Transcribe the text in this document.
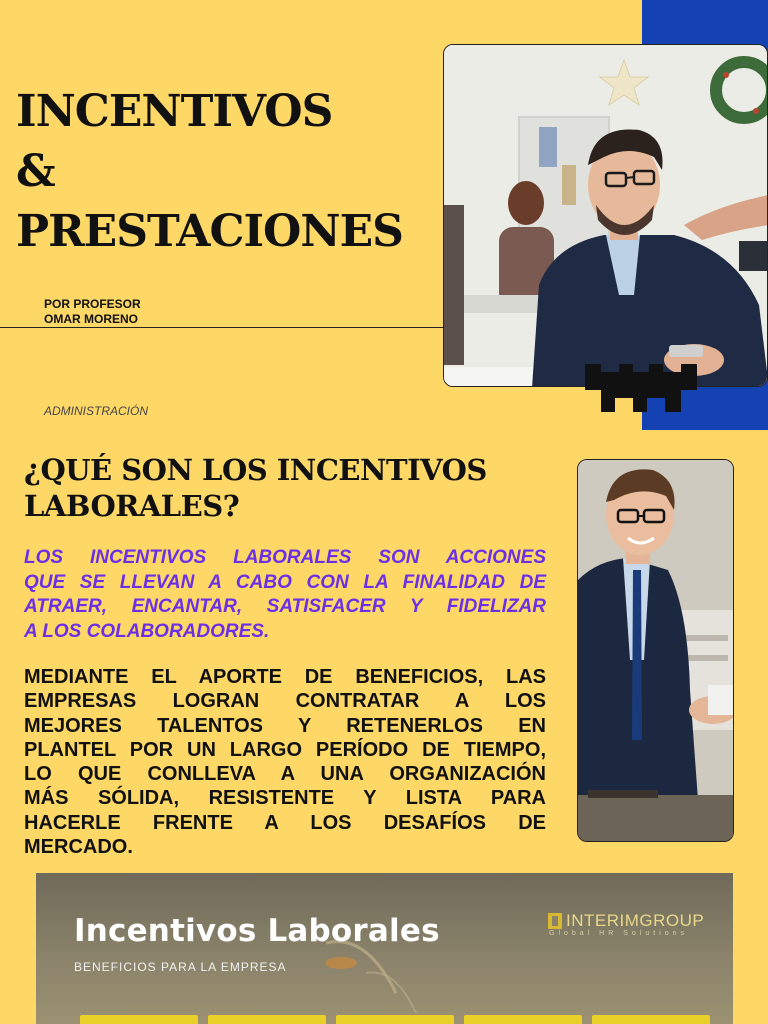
INCENTIVOS
&
PRESTACIONES
POR PROFESOR
OMAR MORENO
ADMINISTRACIÓN
¿QUÉ SON LOS INCENTIVOS
LABORALES?

LOS INCENTIVOS LABORALES SON ACCIONES
QUE SE LLEVAN A CABO CON LA FINALIDAD DE
ATRAER, ENCANTAR, SATISFACER Y FIDELIZAR
A LOS COLABORADORES.

MEDIANTE EL APORTE DE BENEFICIOS, LAS
EMPRESAS LOGRAN CONTRATAR A LOS
MEJORES TALENTOS Y RETENERLOS EN
PLANTEL POR UN LARGO PERÍODO DE TIEMPO,
LO QUE CONLLEVA A UNA ORGANIZACIÓN
MÁS SÓLIDA, RESISTENTE Y LISTA PARA
HACERLE FRENTE A LOS DESAFÍOS DE
MERCADO.

Incentivos Laborales
BENEFICIOS PARA LA EMPRESA
INTERIMGROUP
Global HR Solutions
